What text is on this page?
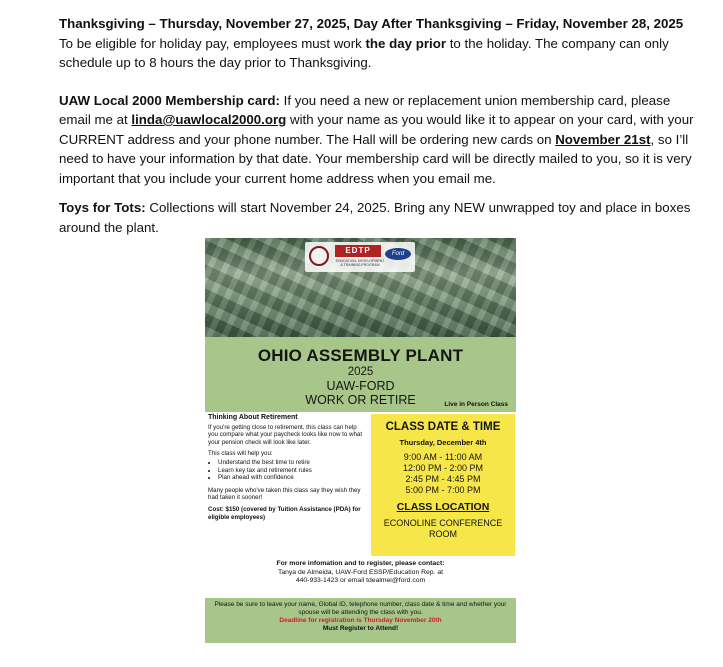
Thanksgiving – Thursday, November 27, 2025, Day After Thanksgiving – Friday, November 28, 2025
To be eligible for holiday pay, employees must work the day prior to the holiday. The company can only schedule up to 8 hours the day prior to Thanksgiving.

UAW Local 2000 Membership card: If you need a new or replacement union membership card, please email me at linda@uawlocal2000.org with your name as you would like it to appear on your card, with your CURRENT address and your phone number. The Hall will be ordering new cards on November 21st, so I’ll need to have your information by that date. Your membership card will be directly mailed to you, so it is very important that you include your current home address when you email me.

Toys for Tots: Collections will start November 24, 2025. Bring any NEW unwrapped toy and place in boxes around the plant.

EDTP
EDUCATION, DEVELOPMENT & TRAINING PROGRAM
Ford
OHIO ASSEMBLY PLANT
2025
UAW-FORD
WORK OR RETIRE	Live in Person Class
Thinking About Retirement

If you're getting close to retirement, this class can help you compare what your paycheck looks like now to what your pension check will look like later.

This class will help you:

• Understand the best time to retire
• Learn key tax and retirement rules
• Plan ahead with confidence

Many people who've taken this class say they wish they had taken it sooner!

Cost: $150 (covered by Tuition Assistance (PDA) for eligible employees)

CLASS DATE & TIME
Thursday, December 4th
9:00 AM - 11:00 AM
12:00 PM - 2:00 PM
2:45 PM - 4:45 PM
5:00 PM - 7:00 PM
CLASS LOCATION
ECONOLINE CONFERENCE ROOM
For more infomation and to register, please contact:
Tanya de Almeida, UAW-Ford ESSP/Education Rep. at
440-933-1423 or email tdealmei@ford.com
Please be sure to leave your name, Global ID, telephone number, class date & time and whether your spouse will be attending the class with you.
Deadline for registration is Thursday November 20th
Must Register to Attend!
